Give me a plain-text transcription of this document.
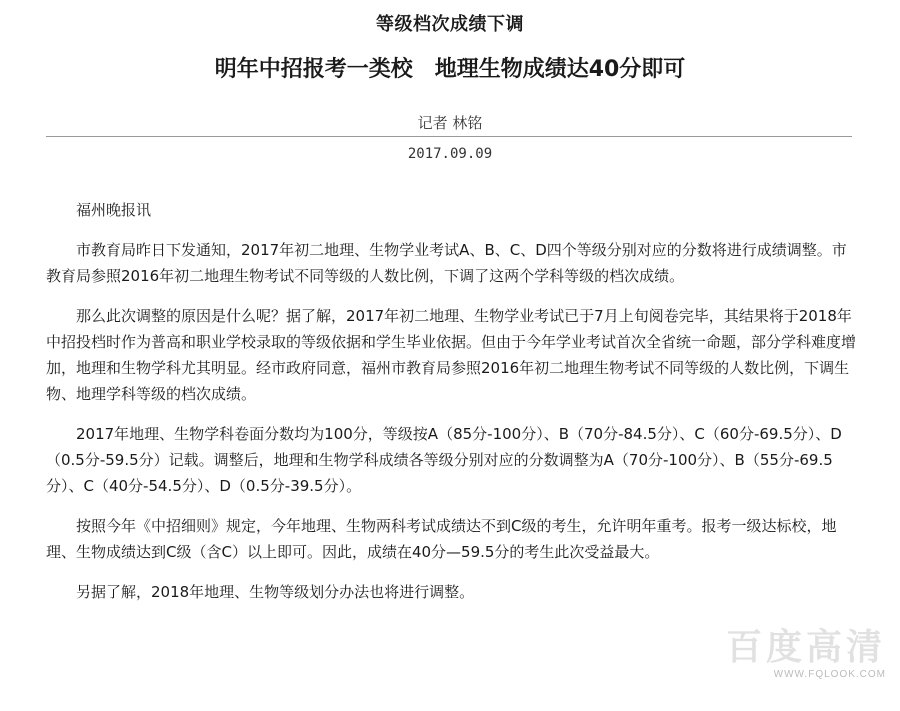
等级档次成绩下调
明年中招报考一类校　地理生物成绩达40分即可
记者 林铭
2017.09.09

福州晚报讯

市教育局昨日下发通知，2017年初二地理、生物学业考试A、B、C、D四个等级分别对应的分数将进行成绩调整。市教育局参照2016年初二地理生物考试不同等级的人数比例，下调了这两个学科等级的档次成绩。

那么此次调整的原因是什么呢？据了解，2017年初二地理、生物学业考试已于7月上旬阅卷完毕，其结果将于2018年中招投档时作为普高和职业学校录取的等级依据和学生毕业依据。但由于今年学业考试首次全省统一命题，部分学科难度增加，地理和生物学科尤其明显。经市政府同意，福州市教育局参照2016年初二地理生物考试不同等级的人数比例，下调生物、地理学科等级的档次成绩。

2017年地理、生物学科卷面分数均为100分，等级按A（85分-100分）、B（70分-84.5分）、C（60分-69.5分）、D（0.5分-59.5分）记载。调整后，地理和生物学科成绩各等级分别对应的分数调整为A（70分-100分）、B（55分-69.5分）、C（40分-54.5分）、D（0.5分-39.5分）。

按照今年《中招细则》规定，今年地理、生物两科考试成绩达不到C级的考生，允许明年重考。报考一级达标校，地理、生物成绩达到C级（含C）以上即可。因此，成绩在40分—59.5分的考生此次受益最大。

另据了解，2018年地理、生物等级划分办法也将进行调整。

百度高清
WWW.FQLOOK.COM
